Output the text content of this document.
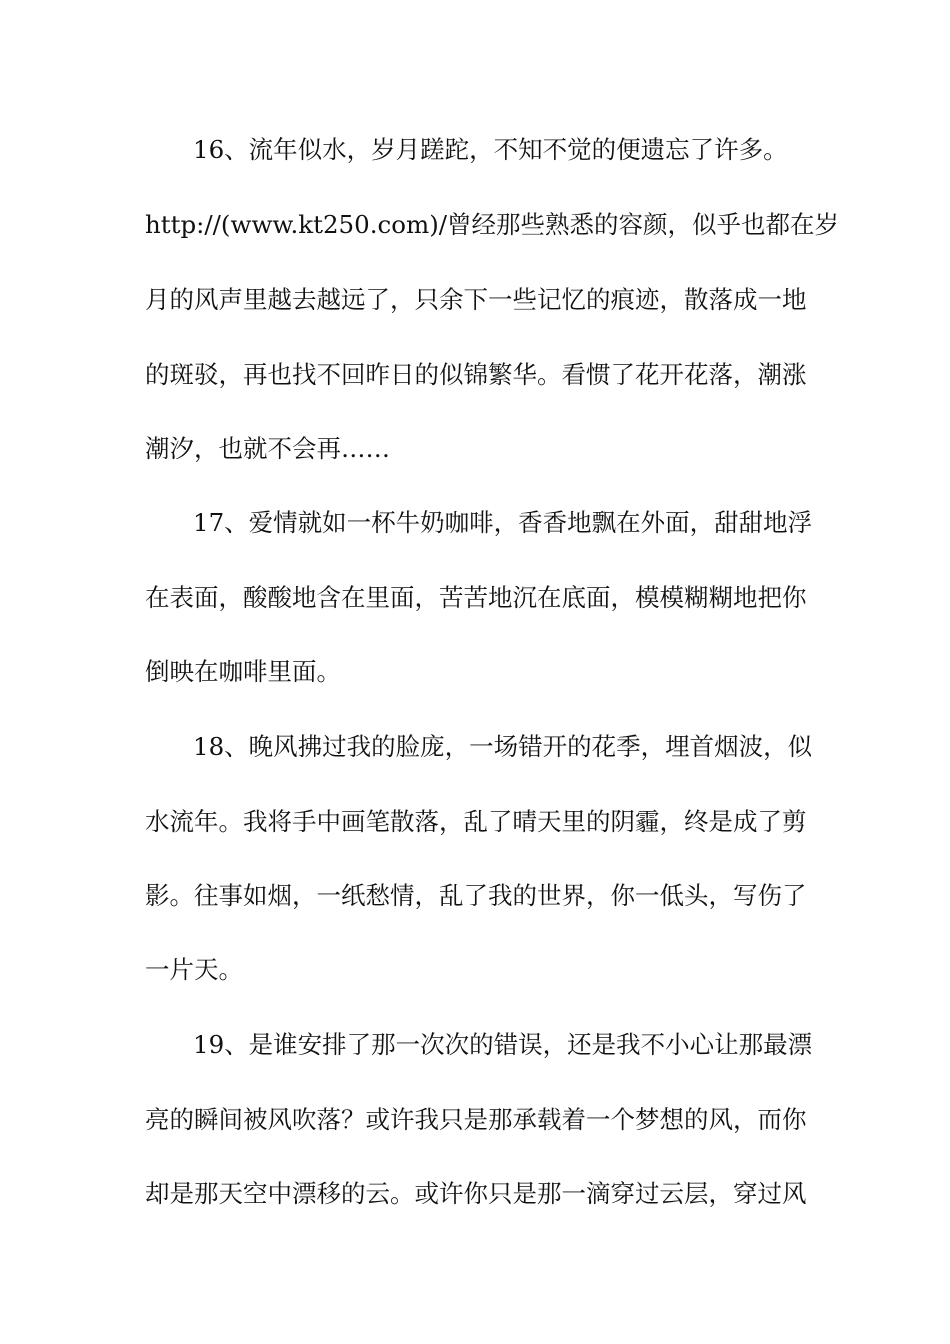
16、流年似水，岁月蹉跎，不知不觉的便遗忘了许多。
http://(www.kt250.com)/曾经那些熟悉的容颜，似乎也都在岁
月的风声里越去越远了，只余下一些记忆的痕迹，散落成一地
的斑驳，再也找不回昨日的似锦繁华。看惯了花开花落，潮涨
潮汐，也就不会再……
17、爱情就如一杯牛奶咖啡，香香地飘在外面，甜甜地浮
在表面，酸酸地含在里面，苦苦地沉在底面，模模糊糊地把你
倒映在咖啡里面。
18、晚风拂过我的脸庞，一场错开的花季，埋首烟波，似
水流年。我将手中画笔散落，乱了晴天里的阴霾，终是成了剪
影。往事如烟，一纸愁情，乱了我的世界，你一低头，写伤了
一片天。
19、是谁安排了那一次次的错误，还是我不小心让那最漂
亮的瞬间被风吹落？或许我只是那承载着一个梦想的风，而你
却是那天空中漂移的云。或许你只是那一滴穿过云层，穿过风
